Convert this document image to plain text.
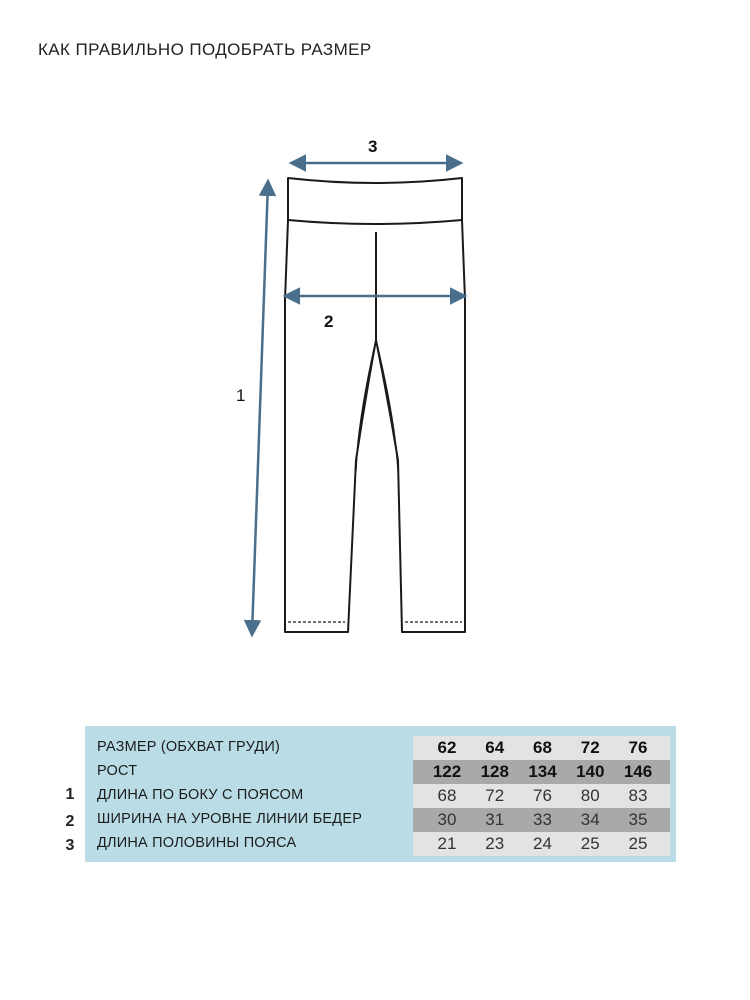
КАК ПРАВИЛЬНО ПОДОБРАТЬ РАЗМЕР
3
2
1
РАЗМЕР (ОБХВАТ ГРУДИ)	62	64	68	72	76
РОСТ	122	128	134	140	146
ДЛИНА ПО БОКУ С ПОЯСОМ	68	72	76	80	83
ШИРИНА НА УРОВНЕ ЛИНИИ БЕДЕР	30	31	33	34	35
ДЛИНА ПОЛОВИНЫ ПОЯСА	21	23	24	25	25
1
2
3
